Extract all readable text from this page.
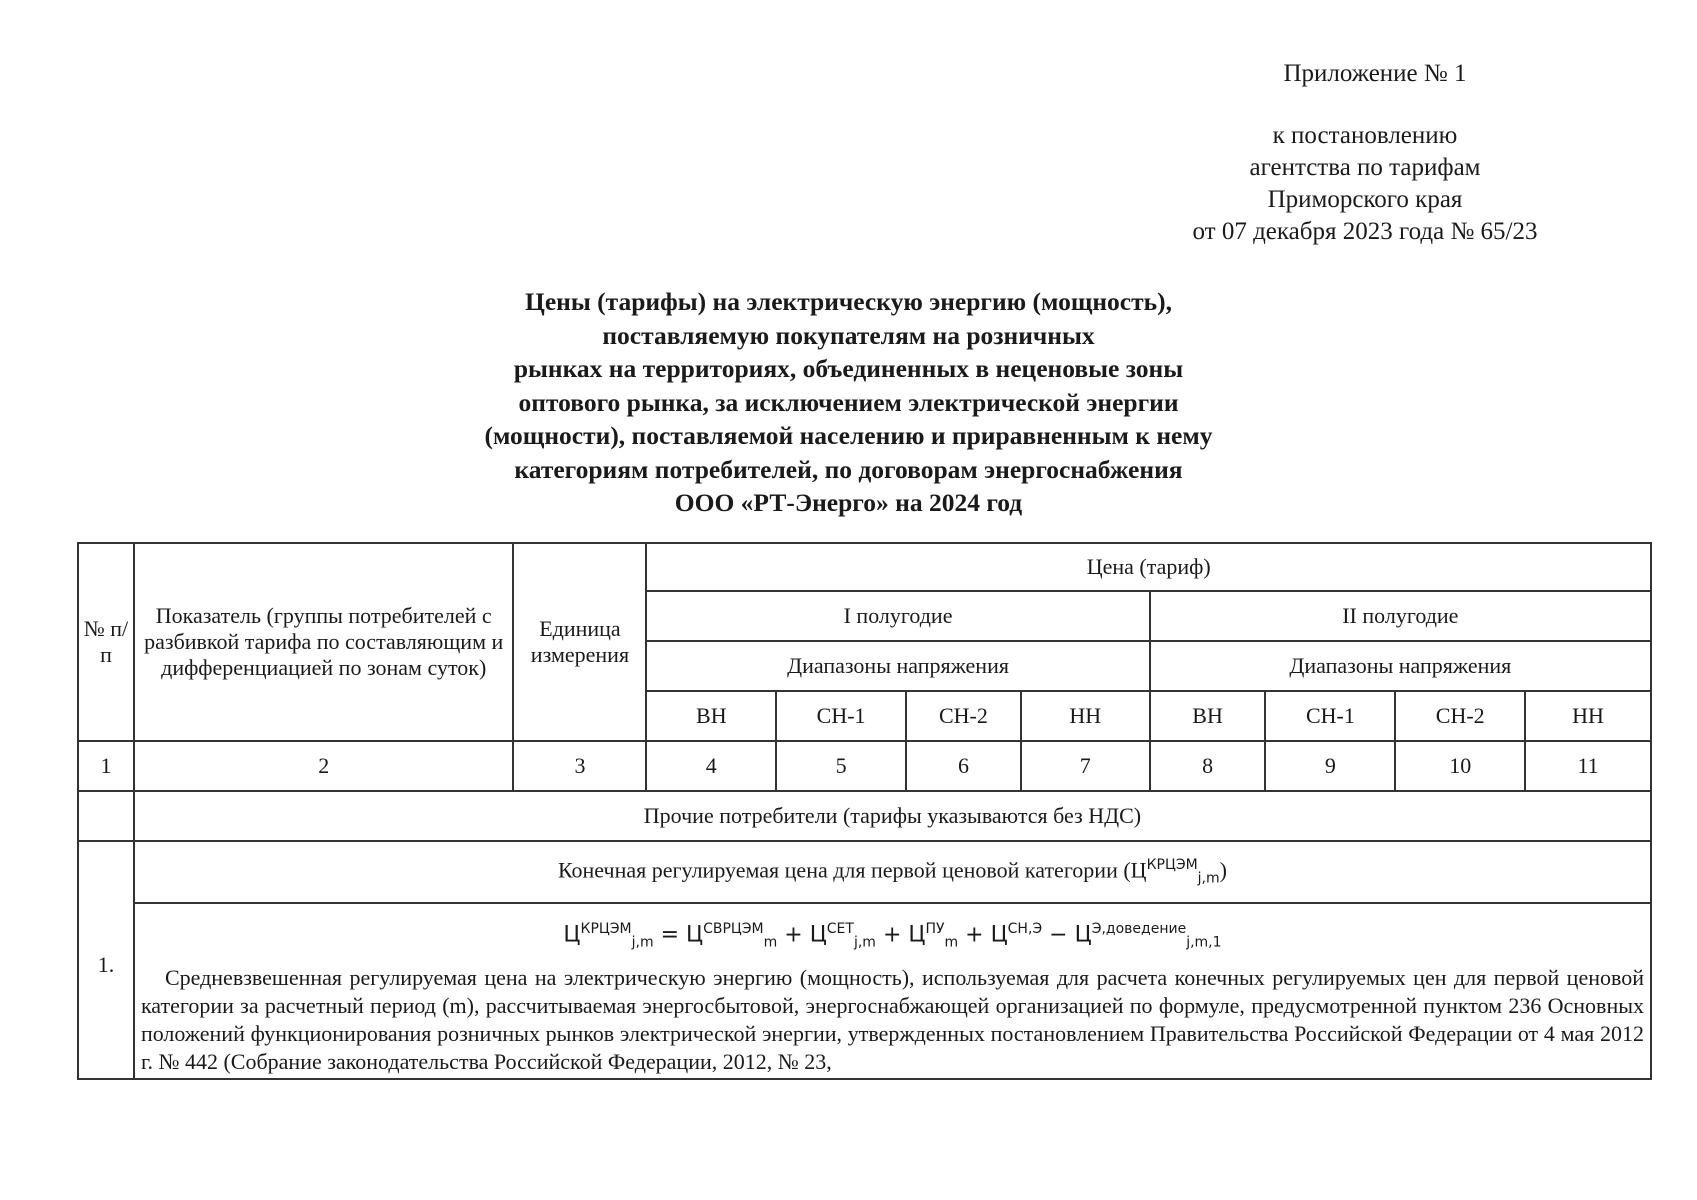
Приложение № 1
к постановлению
агентства по тарифам
Приморского края
от 07 декабря 2023 года № 65/23
Цены (тарифы) на электрическую энергию (мощность),
поставляемую покупателям на розничных
рынках на территориях, объединенных в неценовые зоны
оптового рынка, за исключением электрической энергии
(мощности), поставляемой населению и приравненным к нему
категориям потребителей, по договорам энергоснабжения
ООО «РТ-Энерго» на 2024 год
№ п/п	Показатель (группы потребителей с разбивкой тарифа по составляющим и дифференциацией по зонам суток)	Единица измерения	Цена (тариф)							
			I полугодие				II полугодие			
			Диапазоны напряжения				Диапазоны напряжения			
			ВН	СН-1	СН-2	НН	ВН	СН-1	СН-2	НН
1	2	3	4	5	6	7	8	9	10	11
	Прочие потребители (тарифы указываются без НДС)									
1.	Конечная регулируемая цена для первой ценовой категории $(Ц^{КРЦЭМ}_{j,m})$									

	$Ц^{КРЦЭМ}_{j,m} = Ц^{СВРЦЭМ}_m + Ц^{СЕТ}_{j,m} + Ц^{ПУ}_m + Ц^{СН,Э} - Ц^{Э,доведение}_{j,m,1}$
Средневзвешенная регулируемая цена на электрическую энергию (мощность), используемая для расчета конечных регулируемых цен для первой ценовой категории за расчетный период (m), рассчитываемая энергосбытовой, энергоснабжающей организацией по формуле, предусмотренной пунктом 236 Основных положений функционирования розничных рынков электрической энергии, утвержденных постановлением Правительства Российской Федерации от 4 мая 2012 г. № 442 (Собрание законодательства Российской Федерации, 2012, № 23,									
